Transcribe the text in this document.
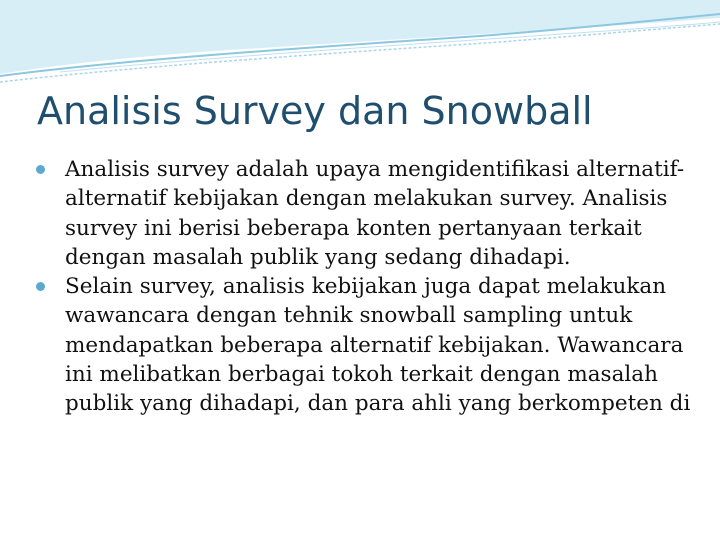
Analisis Survey dan Snowball

Analisis survey adalah upaya mengidentifikasi alternatif-alternatif kebijakan dengan melakukan survey. Analisis survey ini berisi beberapa konten pertanyaan terkait dengan masalah publik yang sedang dihadapi.

Selain survey, analisis kebijakan juga dapat melakukan wawancara dengan tehnik snowball sampling untuk mendapatkan beberapa alternatif kebijakan. Wawancara ini melibatkan berbagai tokoh terkait dengan masalah publik yang dihadapi, dan para ahli yang berkompeten di
